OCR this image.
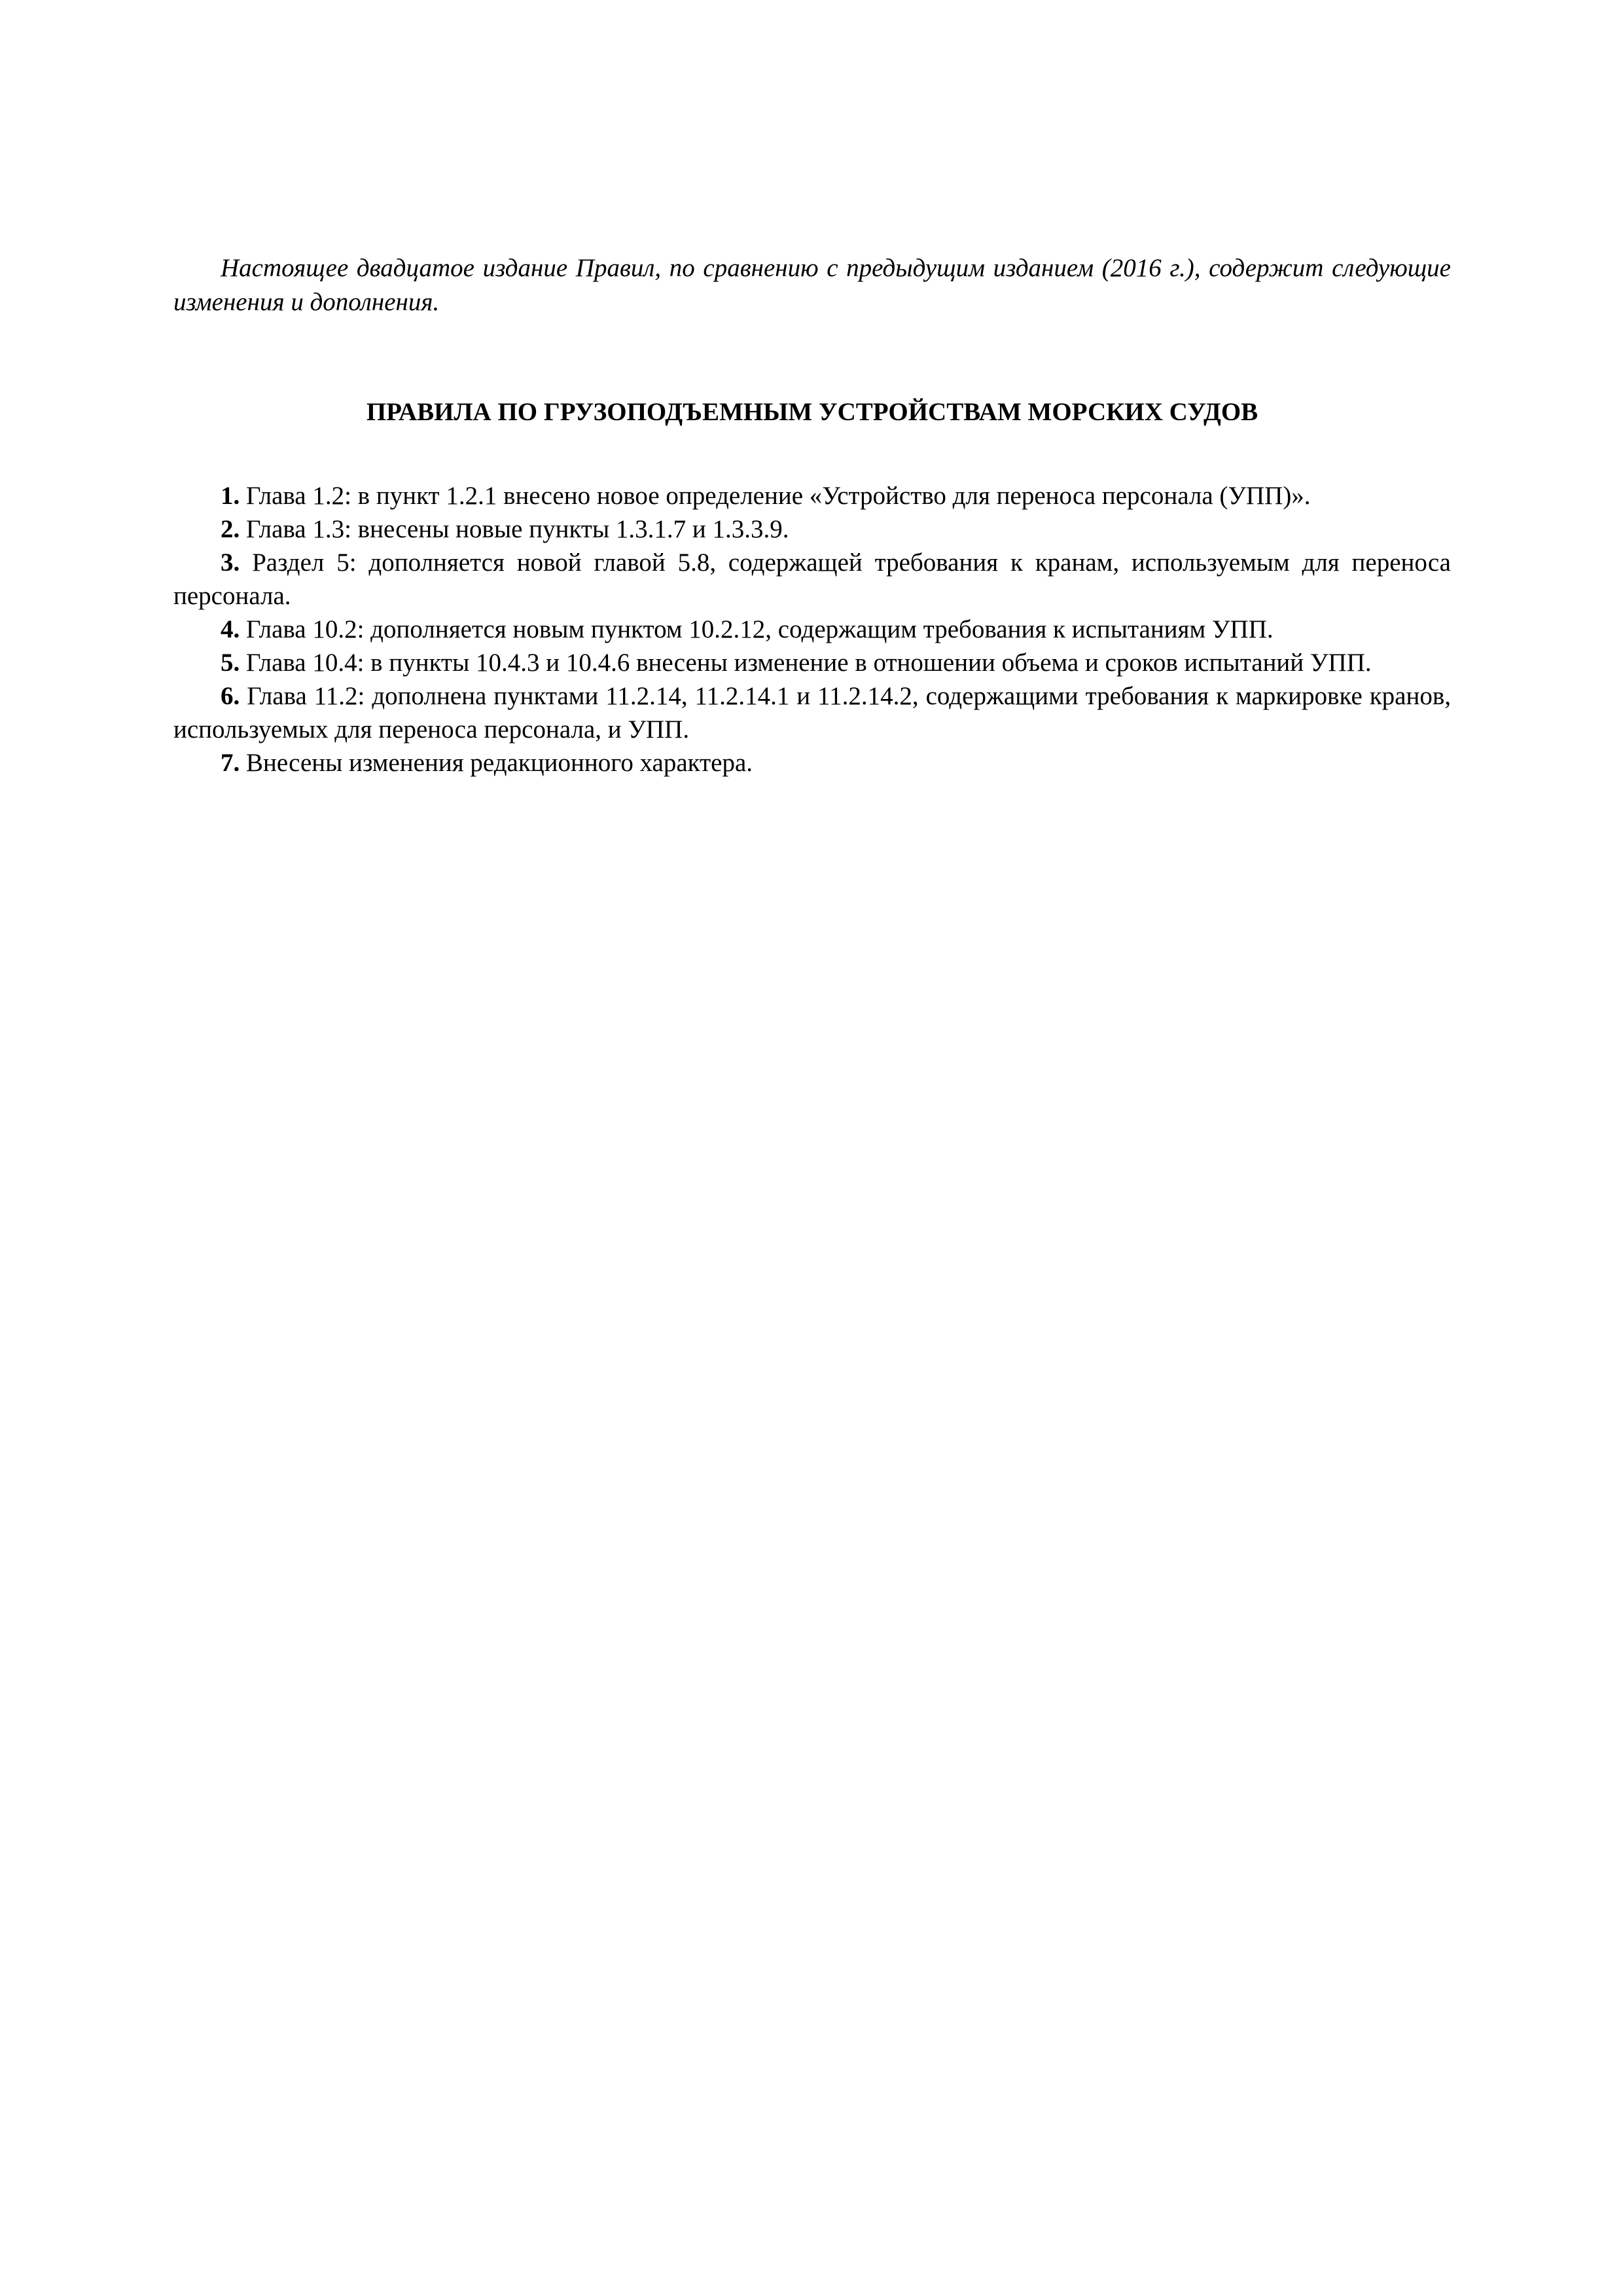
Настоящее двадцатое издание Правил, по сравнению с предыдущим изданием (2016 г.), содержит следующие изменения и дополнения.

ПРАВИЛА ПО ГРУЗОПОДЪЕМНЫМ УСТРОЙСТВАМ МОРСКИХ СУДОВ
1. Глава 1.2: в пункт 1.2.1 внесено новое определение «Устройство для переноса персонала (УПП)».
2. Глава 1.3: внесены новые пункты 1.3.1.7 и 1.3.3.9.
3. Раздел 5: дополняется новой главой 5.8, содержащей требования к кранам, используемым для переноса персонала.
4. Глава 10.2: дополняется новым пунктом 10.2.12, содержащим требования к испытаниям УПП.
5. Глава 10.4: в пункты 10.4.3 и 10.4.6 внесены изменение в отношении объема и сроков испытаний УПП.
6. Глава 11.2: дополнена пунктами 11.2.14, 11.2.14.1 и 11.2.14.2, содержащими требования к маркировке кранов, используемых для переноса персонала, и УПП.
7. Внесены изменения редакционного характера.
